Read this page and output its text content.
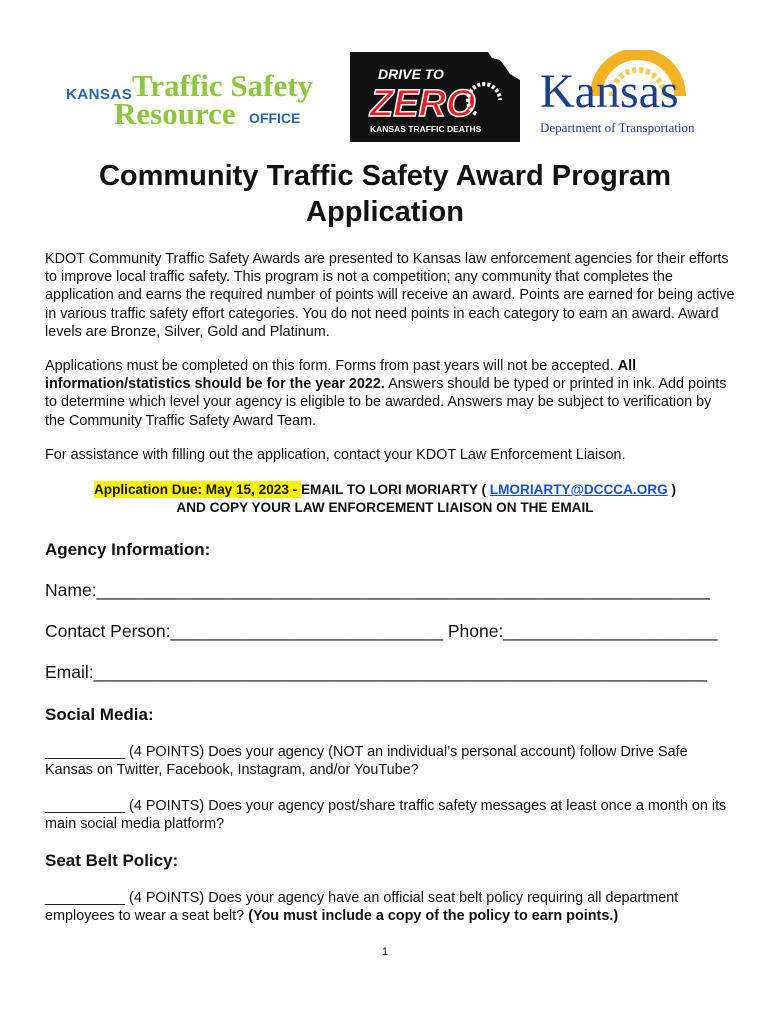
KANSAS Traffic Safety
Resource OFFICE
DRIVE TO
ZERO
KANSAS TRAFFIC DEATHS
Kansas
Department of Transportation
Community Traffic Safety Award Program
Application
KDOT Community Traffic Safety Awards are presented to Kansas law enforcement agencies for their efforts to improve local traffic safety. This program is not a competition; any community that completes the application and earns the required number of points will receive an award. Points are earned for being active in various traffic safety effort categories. You do not need points in each category to earn an award. Award levels are Bronze, Silver, Gold and Platinum.
Applications must be completed on this form. Forms from past years will not be accepted. All information/statistics should be for the year 2022. Answers should be typed or printed in ink. Add points to determine which level your agency is eligible to be awarded. Answers may be subject to verification by the Community Traffic Safety Award Team.
For assistance with filling out the application, contact your KDOT Law Enforcement Liaison.
Application Due: May 15, 2023 - EMAIL TO LORI MORIARTY ( LMORIARTY@DCCCA.ORG )
AND COPY YOUR LAW ENFORCEMENT LIAISON ON THE EMAIL
Agency Information:
Name:_______________________________________________________________
Contact Person:____________________________ Phone:______________________
Email:_______________________________________________________________
Social Media:
__________ (4 POINTS) Does your agency (NOT an individual’s personal account) follow Drive Safe Kansas on Twitter, Facebook, Instagram, and/or YouTube?
__________ (4 POINTS) Does your agency post/share traffic safety messages at least once a month on its main social media platform?
Seat Belt Policy:
__________ (4 POINTS) Does your agency have an official seat belt policy requiring all department employees to wear a seat belt? (You must include a copy of the policy to earn points.)
1
